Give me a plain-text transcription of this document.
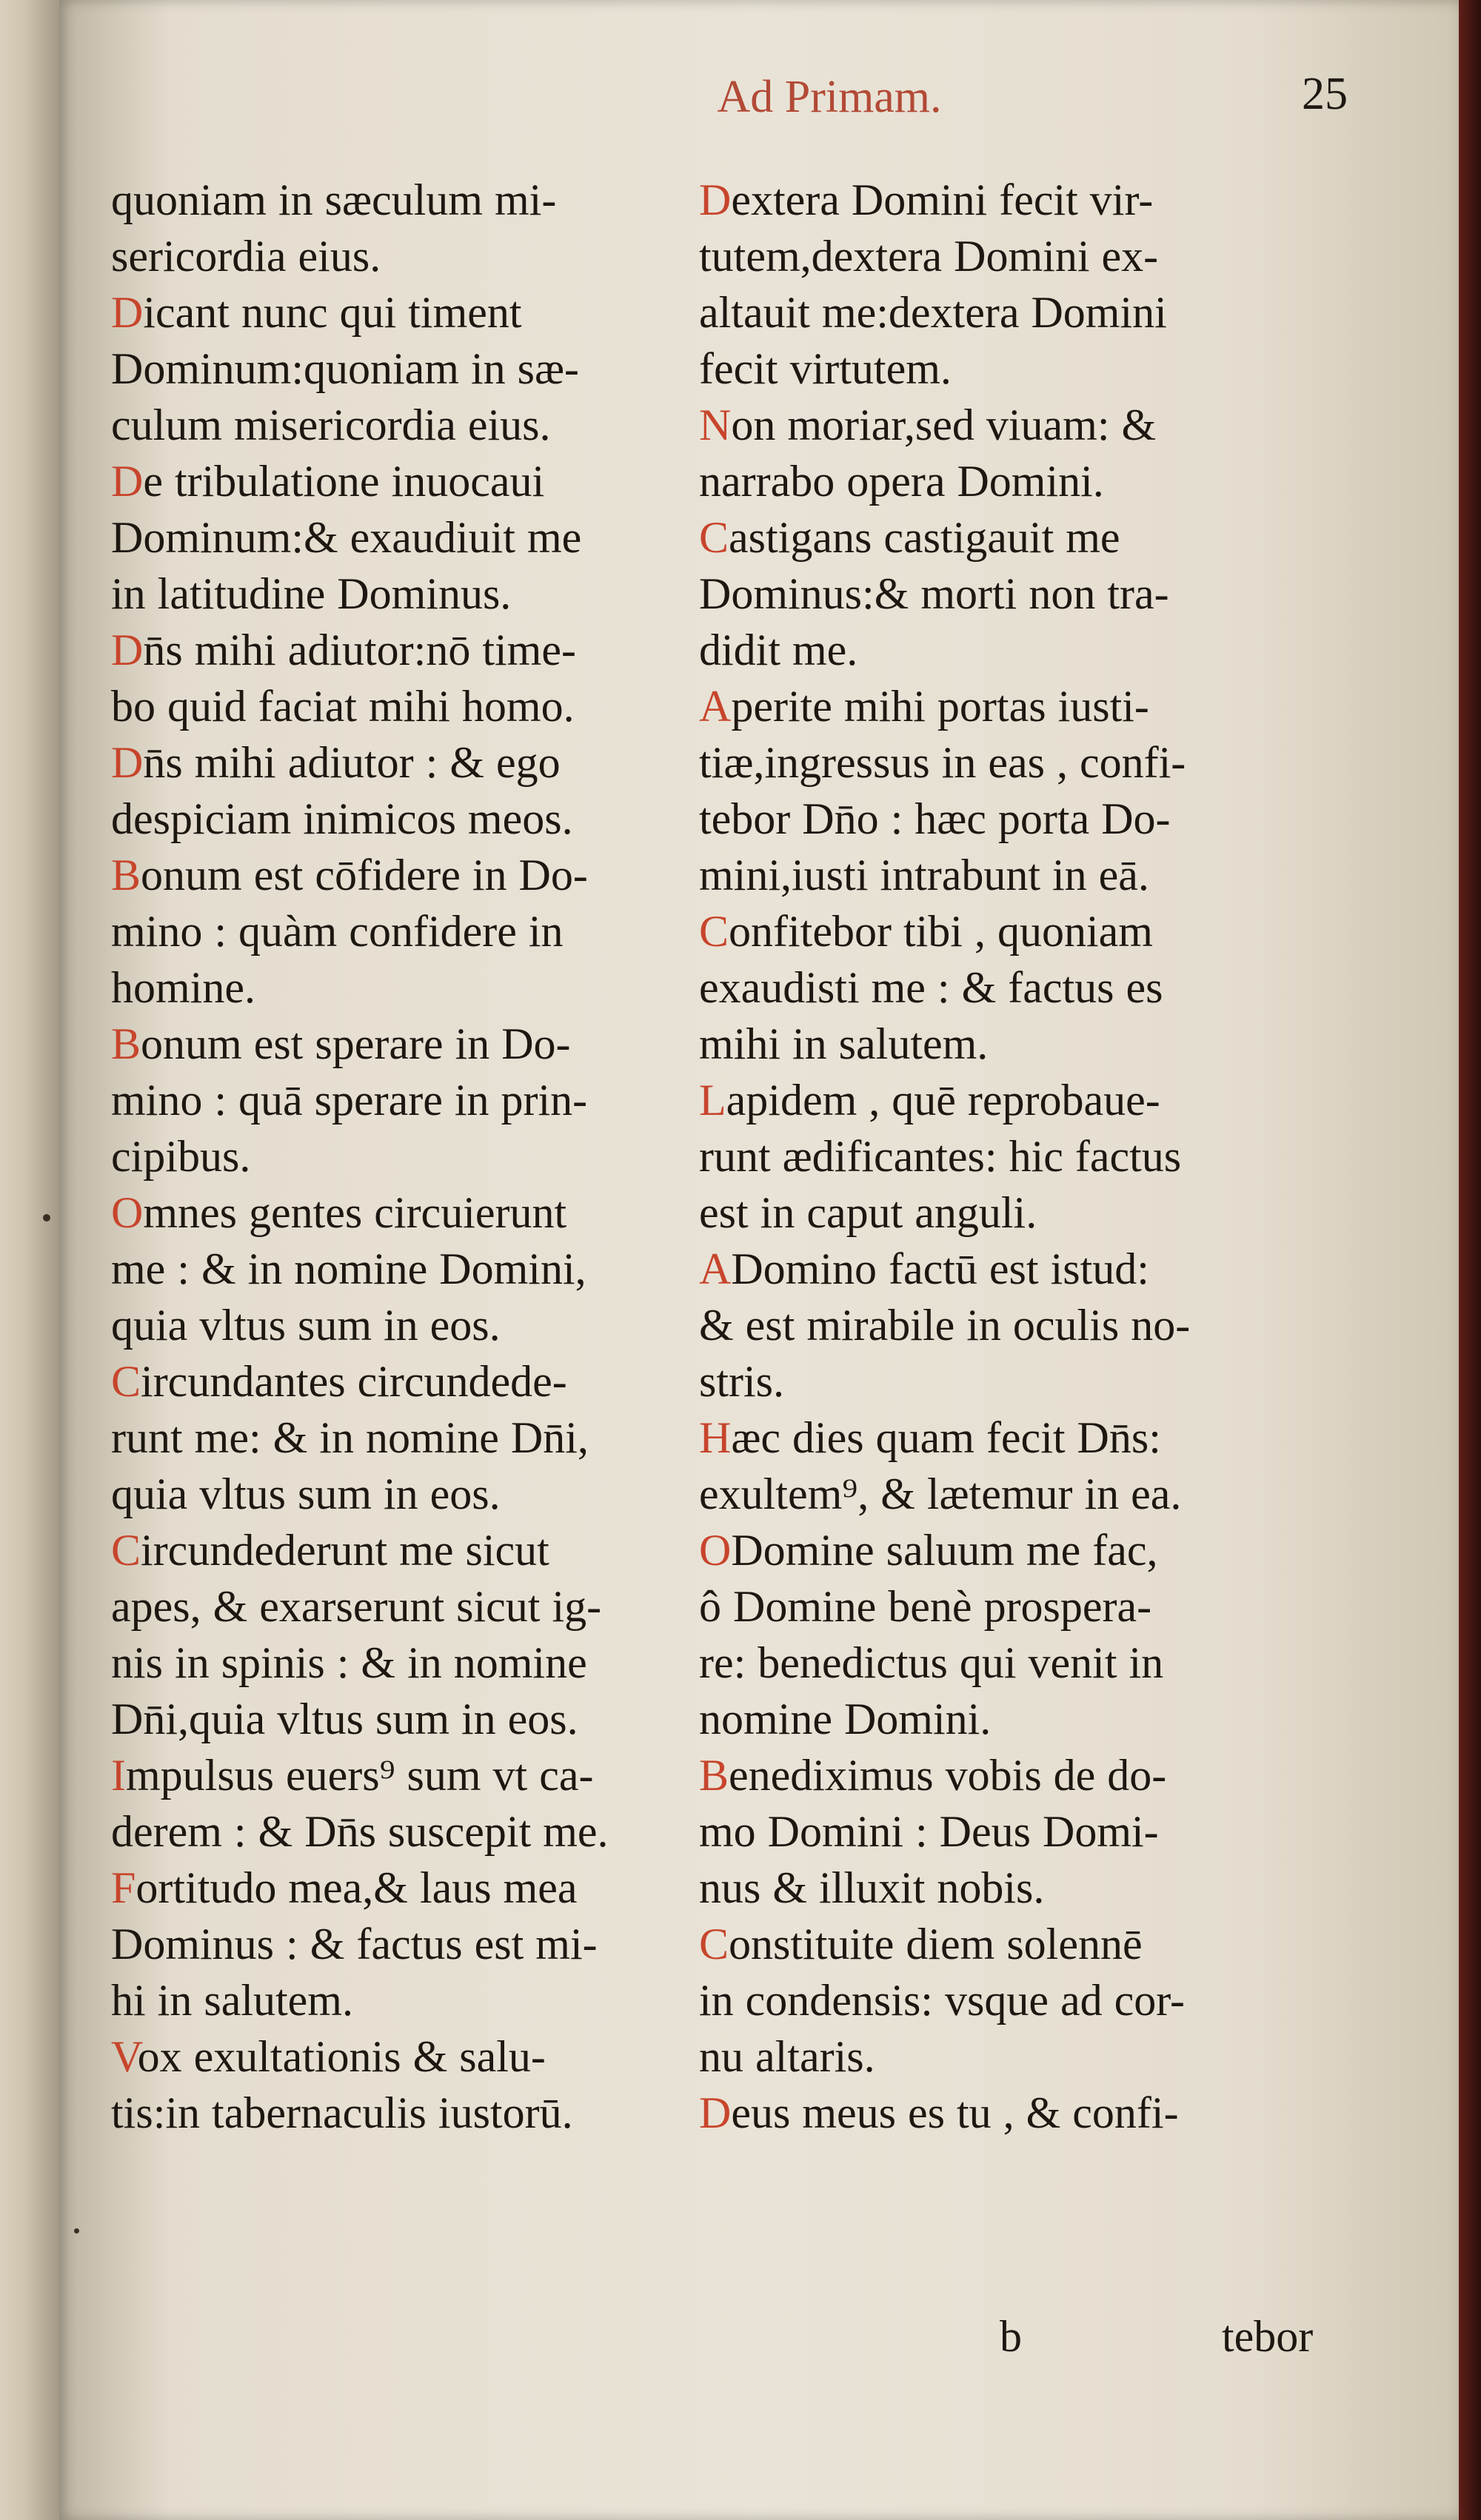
Ad Primam.	25
quoniam in sæculum mi-
sericordia eius.
Dicant nunc qui timent
Dominum:quoniam in sæ-
culum misericordia eius.
De tribulatione inuocaui
Dominum:& exaudiuit me
in latitudine Dominus.
Dn̄s mihi adiutor:nō time-
bo quid faciat mihi homo.
Dn̄s mihi adiutor : & ego
despiciam inimicos meos.
Bonum est cōfidere in Do-
mino : quàm confidere in
homine.
Bonum est sperare in Do-
mino : quā sperare in prin-
cipibus.
Omnes gentes circuierunt
me : & in nomine Domini,
quia vltus sum in eos.
Circundantes circundede-
runt me: & in nomine Dn̄i,
quia vltus sum in eos.
Circundederunt me sicut
apes, & exarserunt sicut ig-
nis in spinis : & in nomine
Dn̄i,quia vltus sum in eos.
Impulsus euers⁹ sum vt ca-
derem : & Dn̄s suscepit me.
Fortitudo mea,& laus mea
Dominus : & factus est mi-
hi in salutem.
Vox exultationis & salu-
tis:in tabernaculis iustorū.
Dextera Domini fecit vir-
tutem,dextera Domini ex-
altauit me:dextera Domini
fecit virtutem.
Non moriar,sed viuam: &
narrabo opera Domini.
Castigans castigauit me
Dominus:& morti non tra-
didit me.
Aperite mihi portas iusti-
tiæ,ingressus in eas , confi-
tebor Dn̄o : hæc porta Do-
mini,iusti intrabunt in eā.
Confitebor tibi , quoniam
exaudisti me : & factus es
mihi in salutem.
Lapidem , quē reprobaue-
runt ædificantes: hic factus
est in caput anguli.
ADomino factū est istud:
& est mirabile in oculis no-
stris.
Hæc dies quam fecit Dn̄s:
exultem⁹, & lætemur in ea.
ODomine saluum me fac,
ô Domine benè prospera-
re: benedictus qui venit in
nomine Domini.
Benediximus vobis de do-
mo Domini : Deus Domi-
nus & illuxit nobis.
Constituite diem solennē
in condensis: vsque ad cor-
nu altaris.
Deus meus es tu , & confi-
b	tebor
